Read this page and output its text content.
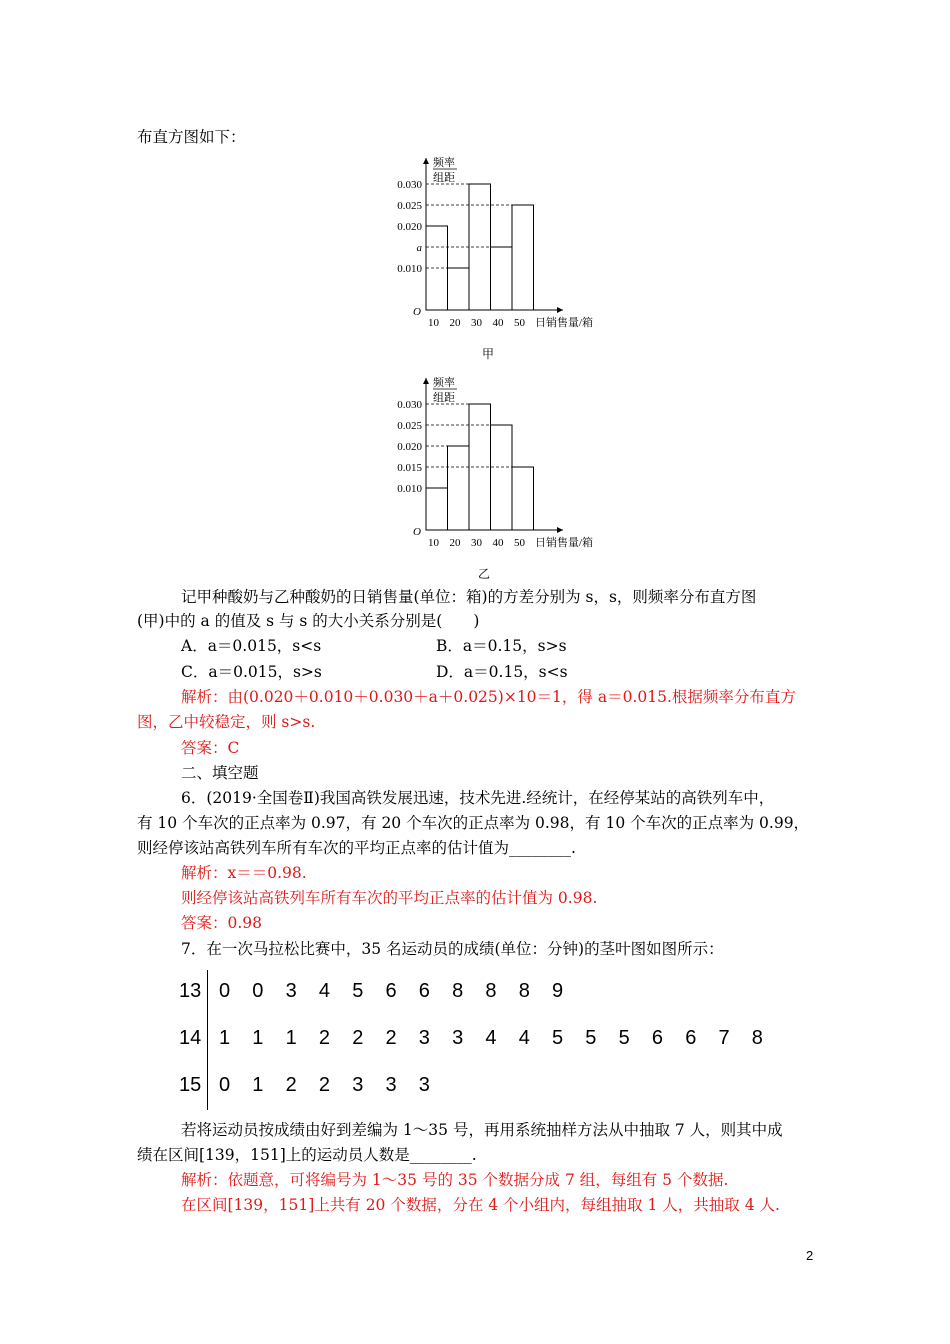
布直方图如下：
频率
组距
0.030
0.025
0.020
a
0.010
10 20 30 40 50
O
日销售量/箱
甲
频率
组距
0.030
0.025
0.020
0.015
0.010
10 20 30 40 50
O
日销售量/箱
乙
记甲种酸奶与乙种酸奶的日销售量(单位：箱)的方差分别为 s，s，则频率分布直方图
(甲)中的 a 的值及 s 与 s 的大小关系分别是(　　)
A．a＝0.015，s<s	B．a＝0.15，s>s
C．a＝0.015，s>s	D．a＝0.15，s<s
解析：由(0.020＋0.010＋0.030＋a＋0.025)×10＝1，得 a＝0.015.根据频率分布直方
图，乙中较稳定，则 s>s.
答案：C
二、填空题
6．(2019·全国卷Ⅱ)我国高铁发展迅速，技术先进.经统计，在经停某站的高铁列车中，
有 10 个车次的正点率为 0.97，有 20 个车次的正点率为 0.98，有 10 个车次的正点率为 0.99，
则经停该站高铁列车所有车次的平均正点率的估计值为________.
解析：x＝＝0.98.
则经停该站高铁列车所有车次的平均正点率的估计值为 0.98.
答案：0.98
7．在一次马拉松比赛中，35 名运动员的成绩(单位：分钟)的茎叶图如图所示：
13 0 0 3 4 5 6 6 8 8 8 9
14 1 1 1 2 2 2 3 3 4 4 5 5 5 6 6 7 8
15 0 1 2 2 3 3 3
若将运动员按成绩由好到差编为 1～35 号，再用系统抽样方法从中抽取 7 人，则其中成
绩在区间[139，151]上的运动员人数是________.
解析：依题意，可将编号为 1～35 号的 35 个数据分成 7 组，每组有 5 个数据.
在区间[139，151]上共有 20 个数据，分在 4 个小组内，每组抽取 1 人，共抽取 4 人.
2
